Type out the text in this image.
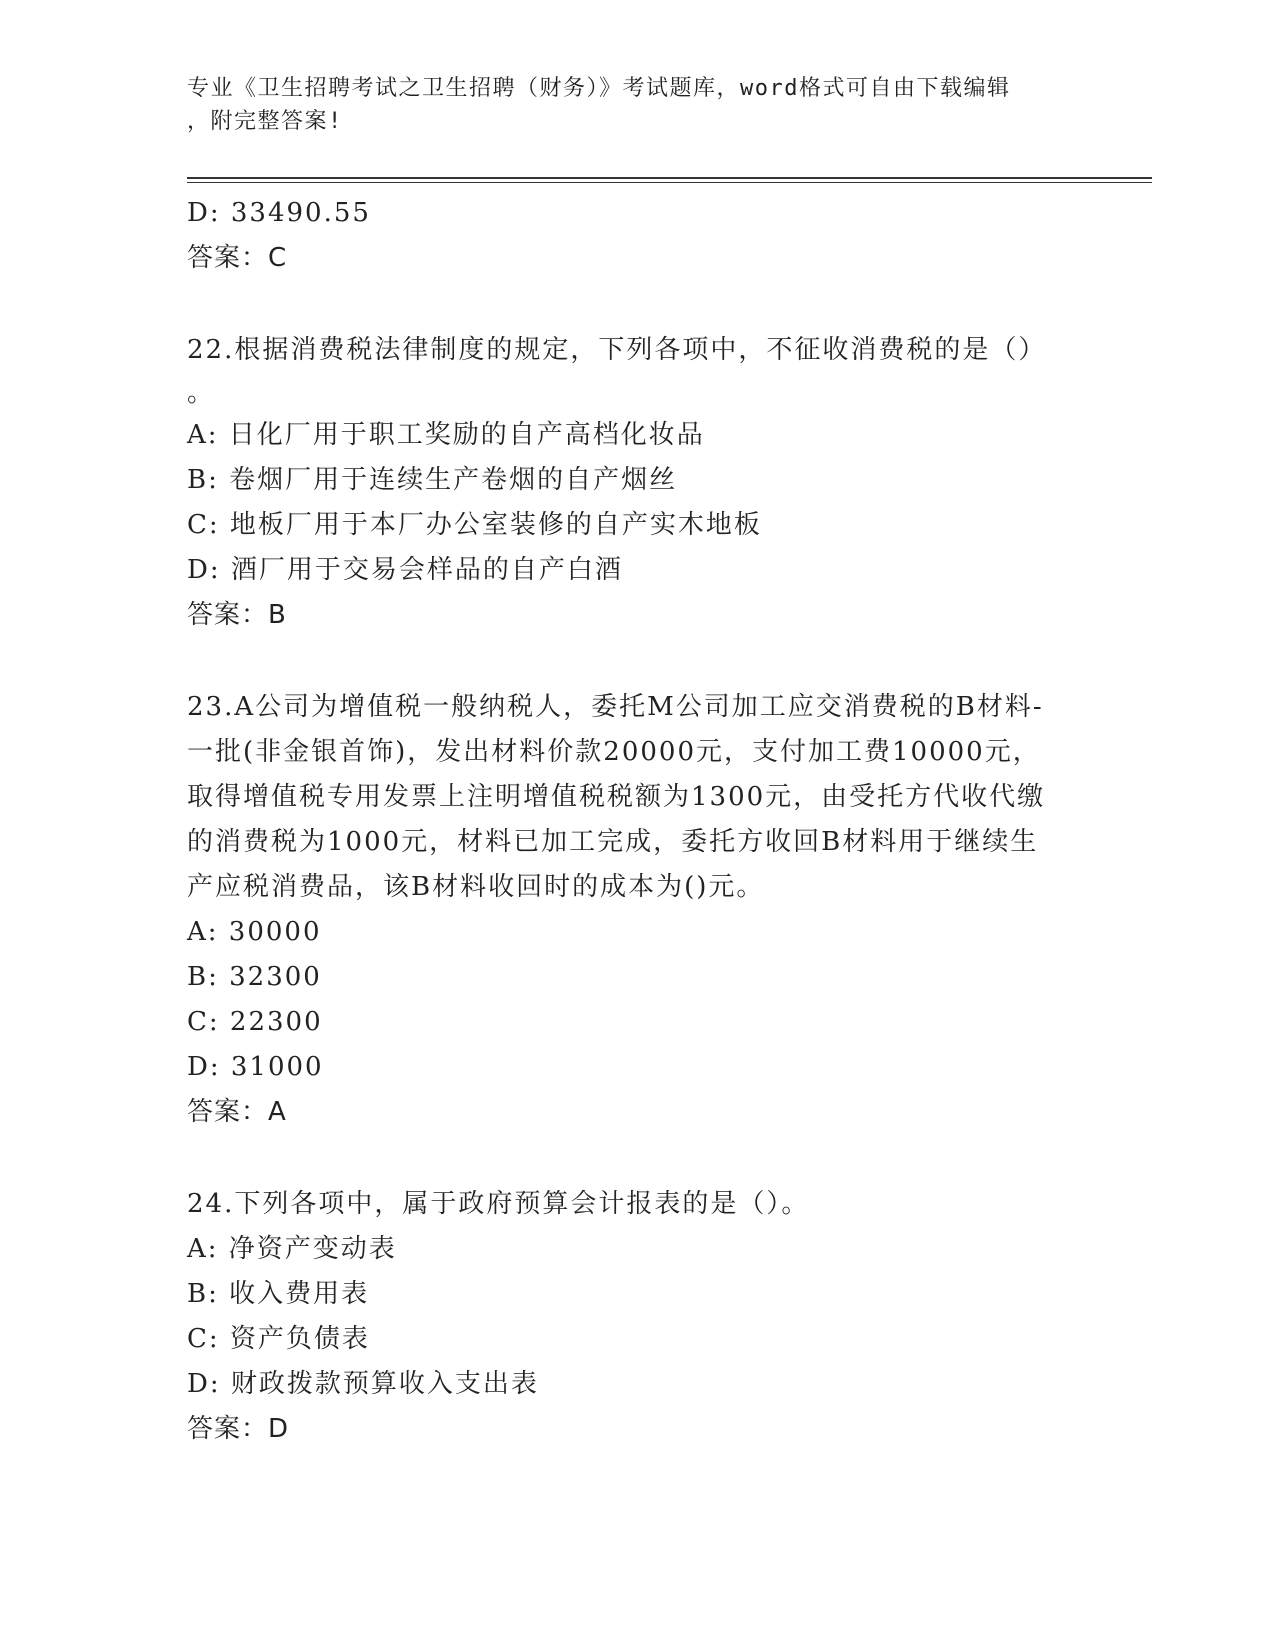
专业《卫生招聘考试之卫生招聘（财务）》考试题库，word格式可自由下载编辑
，附完整答案!
D: 33490.55
答案：C
22.根据消费税法律制度的规定，下列各项中，不征收消费税的是（）
。
A: 日化厂用于职工奖励的自产高档化妆品
B: 卷烟厂用于连续生产卷烟的自产烟丝
C: 地板厂用于本厂办公室装修的自产实木地板
D: 酒厂用于交易会样品的自产白酒
答案：B
23.A公司为增值税一般纳税人，委托M公司加工应交消费税的B材料-
一批(非金银首饰)，发出材料价款20000元，支付加工费10000元，
取得增值税专用发票上注明增值税税额为1300元，由受托方代收代缴
的消费税为1000元，材料已加工完成，委托方收回B材料用于继续生
产应税消费品，该B材料收回时的成本为()元。
A: 30000
B: 32300
C: 22300
D: 31000
答案：A
24.下列各项中，属于政府预算会计报表的是（）。
A: 净资产变动表
B: 收入费用表
C: 资产负债表
D: 财政拨款预算收入支出表
答案：D
